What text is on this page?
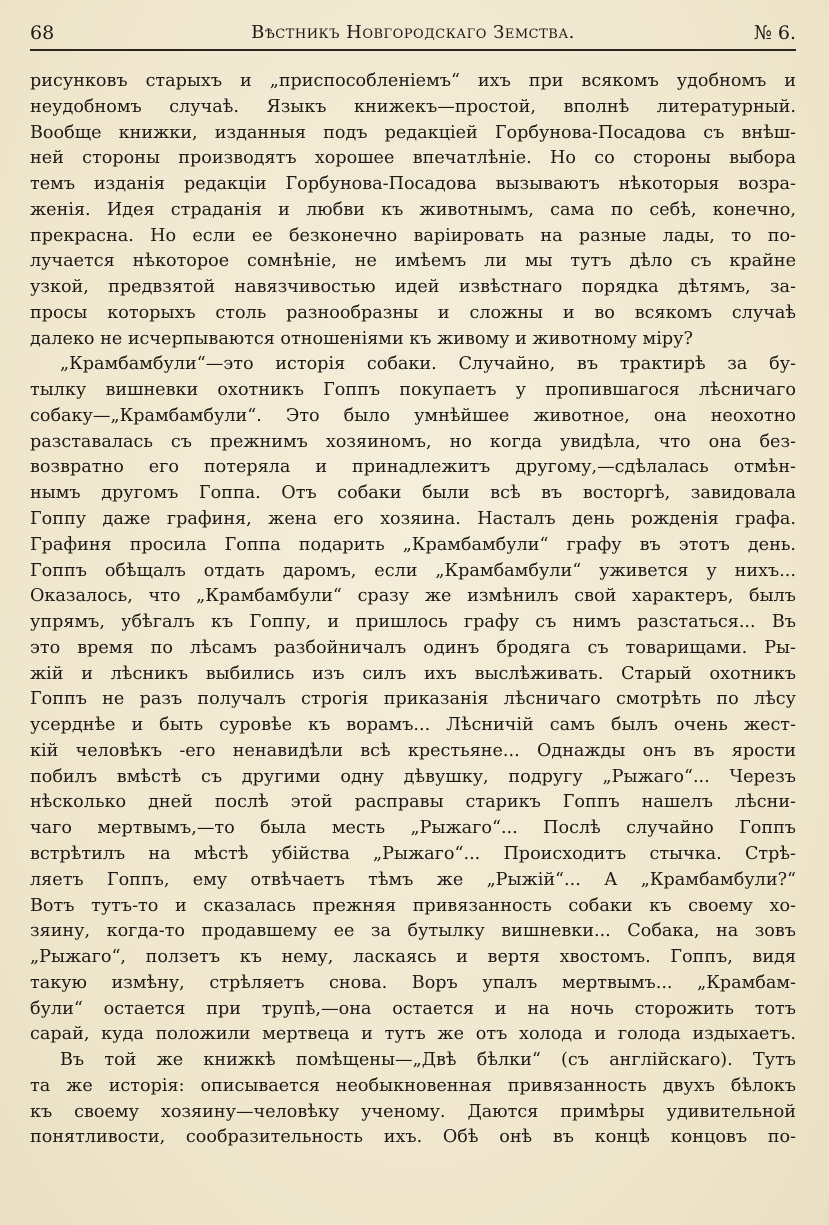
68	Вѣстникъ Новгородскаго Земства.	№ 6.
рисунковъ старыхъ и „приспособленіемъ“ ихъ при всякомъ удобномъ и
неудобномъ случаѣ. Языкъ книжекъ—простой, вполнѣ литературный.
Вообще книжки, изданныя подъ редакціей Горбунова-Посадова съ внѣш-
ней стороны производятъ хорошее впечатлѣніе. Но со стороны выбора
темъ изданія редакціи Горбунова-Посадова вызываютъ нѣкоторыя возра-
женія. Идея страданія и любви къ животнымъ, сама по себѣ, конечно,
прекрасна. Но если ее безконечно варіировать на разные лады, то по-
лучается нѣкоторое сомнѣніе, не имѣемъ ли мы тутъ дѣло съ крайне
узкой, предвзятой навязчивостью идей извѣстнаго порядка дѣтямъ, за-
просы которыхъ столь разнообразны и сложны и во всякомъ случаѣ
далеко не исчерпываются отношеніями къ живому и животному міру?
„Крамбамбули“—это исторія собаки. Случайно, въ трактирѣ за бу-
тылку вишневки охотникъ Гоппъ покупаетъ у пропившагося лѣсничаго
собаку—„Крамбамбули“. Это было умнѣйшее животное, она неохотно
разставалась съ прежнимъ хозяиномъ, но когда увидѣла, что она без-
возвратно его потеряла и принадлежитъ другому,—сдѣлалась отмѣн-
нымъ другомъ Гоппа. Отъ собаки были всѣ въ восторгѣ, завидовала
Гоппу даже графиня, жена его хозяина. Насталъ день рожденія графа.
Графиня просила Гоппа подарить „Крамбамбули“ графу въ этотъ день.
Гоппъ обѣщалъ отдать даромъ, если „Крамбамбули“ уживется у нихъ...
Оказалось, что „Крамбамбули“ сразу же измѣнилъ свой характеръ, былъ
упрямъ, убѣгалъ къ Гоппу, и пришлось графу съ нимъ разстаться... Въ
это время по лѣсамъ разбойничалъ одинъ бродяга съ товарищами. Ры-
жій и лѣсникъ выбились изъ силъ ихъ выслѣживать. Старый охотникъ
Гоппъ не разъ получалъ строгія приказанія лѣсничаго смотрѣть по лѣсу
усерднѣе и быть суровѣе къ ворамъ... Лѣсничій самъ былъ очень жест-
кій человѣкъ -его ненавидѣли всѣ крестьяне... Однажды онъ въ ярости
побилъ вмѣстѣ съ другими одну дѣвушку, подругу „Рыжаго“... Черезъ
нѣсколько дней послѣ этой расправы старикъ Гоппъ нашелъ лѣсни-
чаго мертвымъ,—то была месть „Рыжаго“... Послѣ случайно Гоппъ
встрѣтилъ на мѣстѣ убійства „Рыжаго“... Происходитъ стычка. Стрѣ-
ляетъ Гоппъ, ему отвѣчаетъ тѣмъ же „Рыжій“... А „Крамбамбули?“
Вотъ тутъ-то и сказалась прежняя привязанность собаки къ своему хо-
зяину, когда-то продавшему ее за бутылку вишневки... Собака, на зовъ
„Рыжаго“, ползетъ къ нему, ласкаясь и вертя хвостомъ. Гоппъ, видя
такую измѣну, стрѣляетъ снова. Воръ упалъ мертвымъ... „Крамбам-
були“ остается при трупѣ,—она остается и на ночь сторожить тотъ
сарай, куда положили мертвеца и тутъ же отъ холода и голода издыхаетъ.
Въ той же книжкѣ помѣщены—„Двѣ бѣлки“ (съ англійскаго). Тутъ
та же исторія: описывается необыкновенная привязанность двухъ бѣлокъ
къ своему хозяину—человѣку ученому. Даются примѣры удивительной
понятливости, сообразительность ихъ. Обѣ онѣ въ концѣ концовъ по-
